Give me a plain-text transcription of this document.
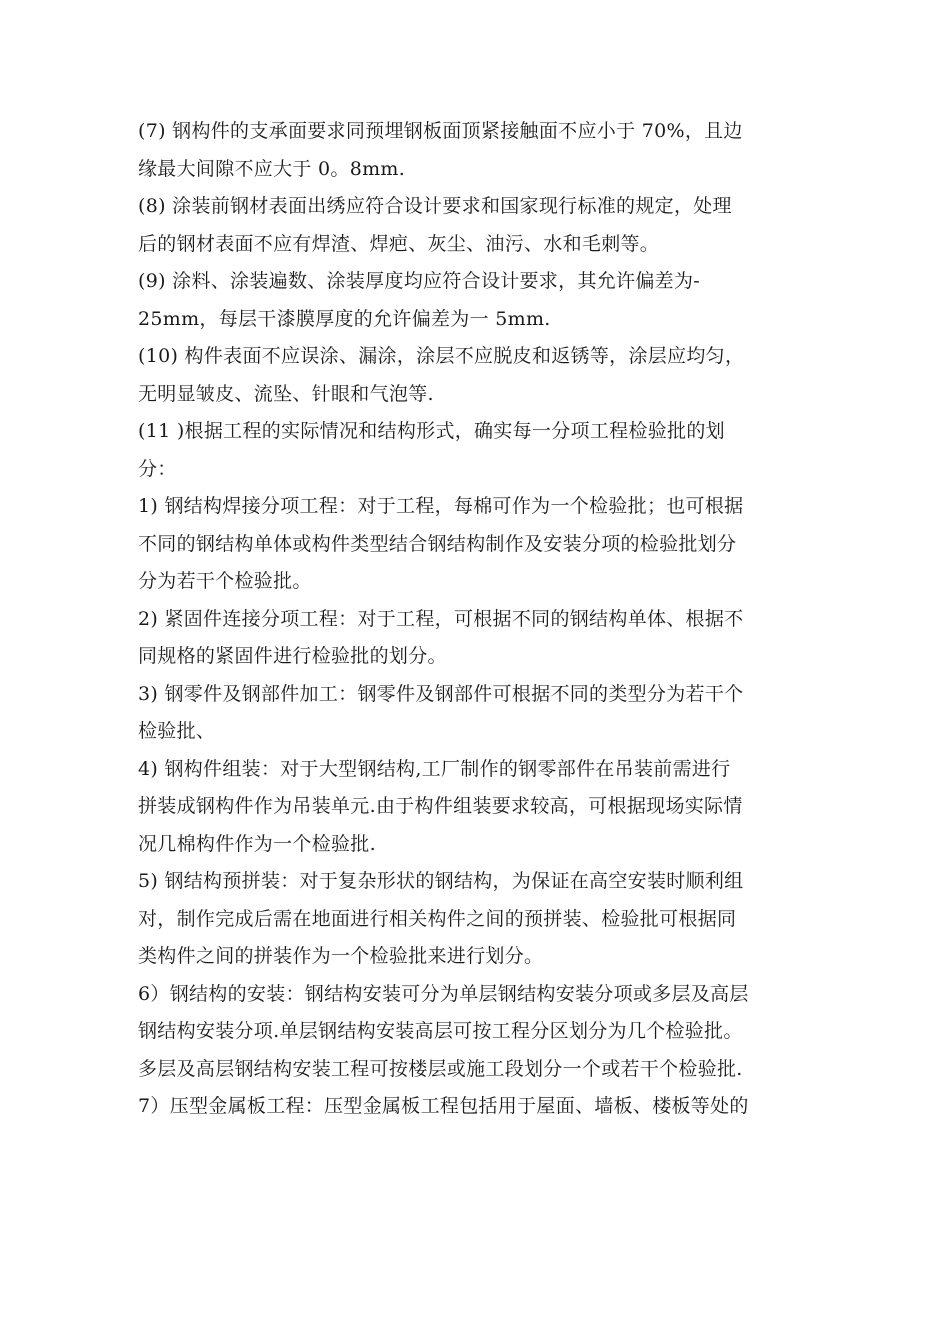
(7) 钢构件的支承面要求同预埋钢板面顶紧接触面不应小于 70%，且边
缘最大间隙不应大于 0。8mm.
(8) 涂装前钢材表面出绣应符合设计要求和国家现行标准的规定，处理
后的钢材表面不应有焊渣、焊疤、灰尘、油污、水和毛刺等。
(9) 涂料、涂装遍数、涂装厚度均应符合设计要求，其允许偏差为-
25mm，每层干漆膜厚度的允许偏差为一 5mm.
(10) 构件表面不应误涂、漏涂，涂层不应脱皮和返锈等，涂层应均匀，
无明显皱皮、流坠、针眼和气泡等.
(11 )根据工程的实际情况和结构形式，确实每一分项工程检验批的划
分：
1) 钢结构焊接分项工程：对于工程，每棉可作为一个检验批；也可根据
不同的钢结构单体或构件类型结合钢结构制作及安装分项的检验批划分
分为若干个检验批。
2) 紧固件连接分项工程：对于工程，可根据不同的钢结构单体、根据不
同规格的紧固件进行检验批的划分。
3) 钢零件及钢部件加工：钢零件及钢部件可根据不同的类型分为若干个
检验批、
4) 钢构件组装：对于大型钢结构,工厂制作的钢零部件在吊装前需进行
拼装成钢构件作为吊装单元.由于构件组装要求较高，可根据现场实际情
况几棉构件作为一个检验批.
5) 钢结构预拼装：对于复杂形状的钢结构，为保证在高空安装时顺利组
对，制作完成后需在地面进行相关构件之间的预拼装、检验批可根据同
类构件之间的拼装作为一个检验批来进行划分。
6）钢结构的安装：钢结构安装可分为单层钢结构安装分项或多层及高层
钢结构安装分项.单层钢结构安装高层可按工程分区划分为几个检验批。
多层及高层钢结构安装工程可按楼层或施工段划分一个或若干个检验批.
7）压型金属板工程：压型金属板工程包括用于屋面、墙板、楼板等处的
